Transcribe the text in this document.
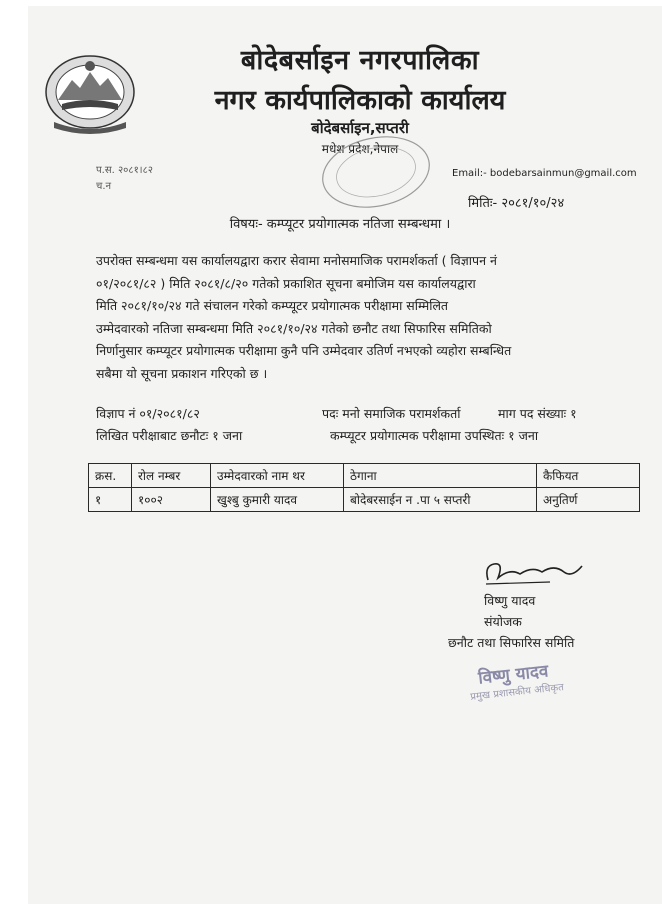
बोदेबर्साइन नगरपालिका
नगर कार्यपालिकाको कार्यालय
बोदेबर्साइन,सप्तरी
मधेश प्रदेश,नेपाल
प.स. २०८१।८२
च.न
Email:- bodebarsainmun@gmail.com
मितिः- २०८१/१०/२४
विषयः- कम्प्यूटर प्रयोगात्मक नतिजा सम्बन्धमा ।
उपरोक्त सम्बन्धमा यस कार्यालयद्वारा करार सेवामा मनोसमाजिक परामर्शकर्ता ( विज्ञापन नं
०१/२०८१/८२ ) मिति २०८१/८/२० गतेको प्रकाशित सूचना बमोजिम यस कार्यालयद्वारा
मिति २०८१/१०/२४ गते संचालन गरेको कम्प्यूटर प्रयोगात्मक परीक्षामा सम्मिलित
उम्मेदवारको नतिजा सम्बन्धमा मिति २०८१/१०/२४ गतेको छनौट तथा सिफारिस समितिको
निर्णानुसार कम्प्यूटर प्रयोगात्मक परीक्षामा कुनै पनि उम्मेदवार उतिर्ण नभएको व्यहोरा सम्बन्धित
सबैमा यो सूचना प्रकाशन गरिएको छ ।
विज्ञाप नं ०१/२०८१/८२	पदः मनो समाजिक परामर्शकर्ता	माग पद संख्याः १
लिखित परीक्षाबाट छनौटः १ जना	कम्प्यूटर प्रयोगात्मक परीक्षामा उपस्थितः १ जना
क्रस.	रोल नम्बर	उम्मेदवारको नाम थर	ठेगाना	कैफियत
१	१००२	खुश्बु कुमारी यादव	बोदेबरसाईन न .पा ५ सप्तरी	अनुतिर्ण
विष्णु यादव
संयोजक
छनौट तथा सिफारिस समिति
विष्णु यादव
प्रमुख प्रशासकीय अधिकृत
